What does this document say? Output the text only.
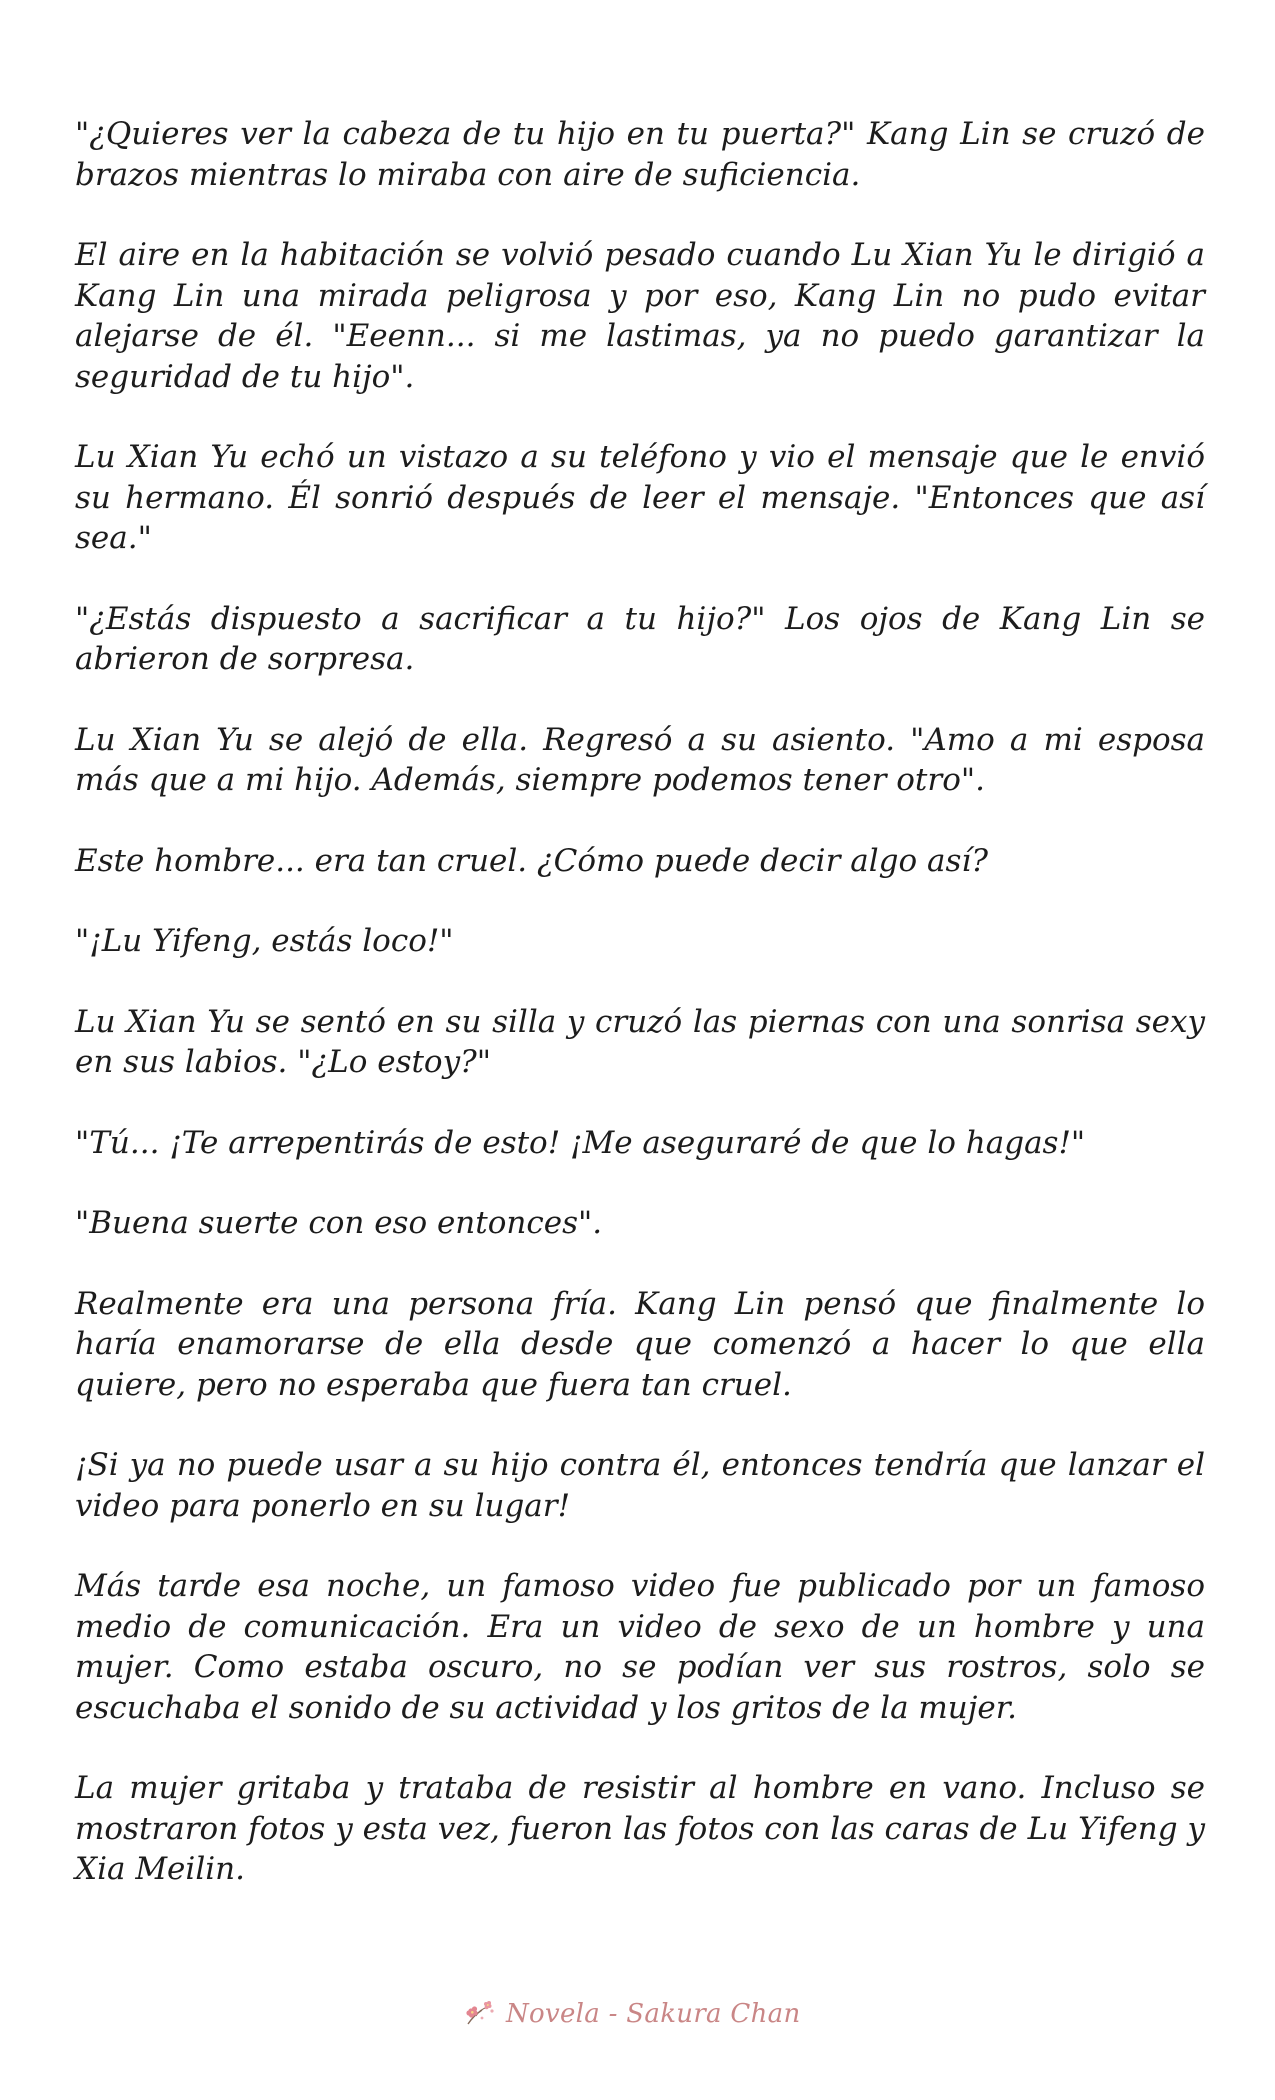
"¿Quieres ver la cabeza de tu hijo en tu puerta?" Kang Lin se cruzó de brazos mientras lo miraba con aire de suficiencia.

El aire en la habitación se volvió pesado cuando Lu Xian Yu le dirigió a Kang Lin una mirada peligrosa y por eso, Kang Lin no pudo evitar alejarse de él. "Eeenn... si me lastimas, ya no puedo garantizar la seguridad de tu hijo".

Lu Xian Yu echó un vistazo a su teléfono y vio el mensaje que le envió su hermano. Él sonrió después de leer el mensaje. "Entonces que así sea."

"¿Estás dispuesto a sacrificar a tu hijo?" Los ojos de Kang Lin se abrieron de sorpresa.

Lu Xian Yu se alejó de ella. Regresó a su asiento. "Amo a mi esposa más que a mi hijo. Además, siempre podemos tener otro".

Este hombre... era tan cruel. ¿Cómo puede decir algo así?

"¡Lu Yifeng, estás loco!"

Lu Xian Yu se sentó en su silla y cruzó las piernas con una sonrisa sexy en sus labios. "¿Lo estoy?"

"Tú... ¡Te arrepentirás de esto! ¡Me aseguraré de que lo hagas!"

"Buena suerte con eso entonces".

Realmente era una persona fría. Kang Lin pensó que finalmente lo haría enamorarse de ella desde que comenzó a hacer lo que ella quiere, pero no esperaba que fuera tan cruel.

¡Si ya no puede usar a su hijo contra él, entonces tendría que lanzar el video para ponerlo en su lugar!

Más tarde esa noche, un famoso video fue publicado por un famoso medio de comunicación. Era un video de sexo de un hombre y una mujer. Como estaba oscuro, no se podían ver sus rostros, solo se escuchaba el sonido de su actividad y los gritos de la mujer.

La mujer gritaba y trataba de resistir al hombre en vano. Incluso se mostraron fotos y esta vez, fueron las fotos con las caras de Lu Yifeng y Xia Meilin.

Novela - Sakura Chan
